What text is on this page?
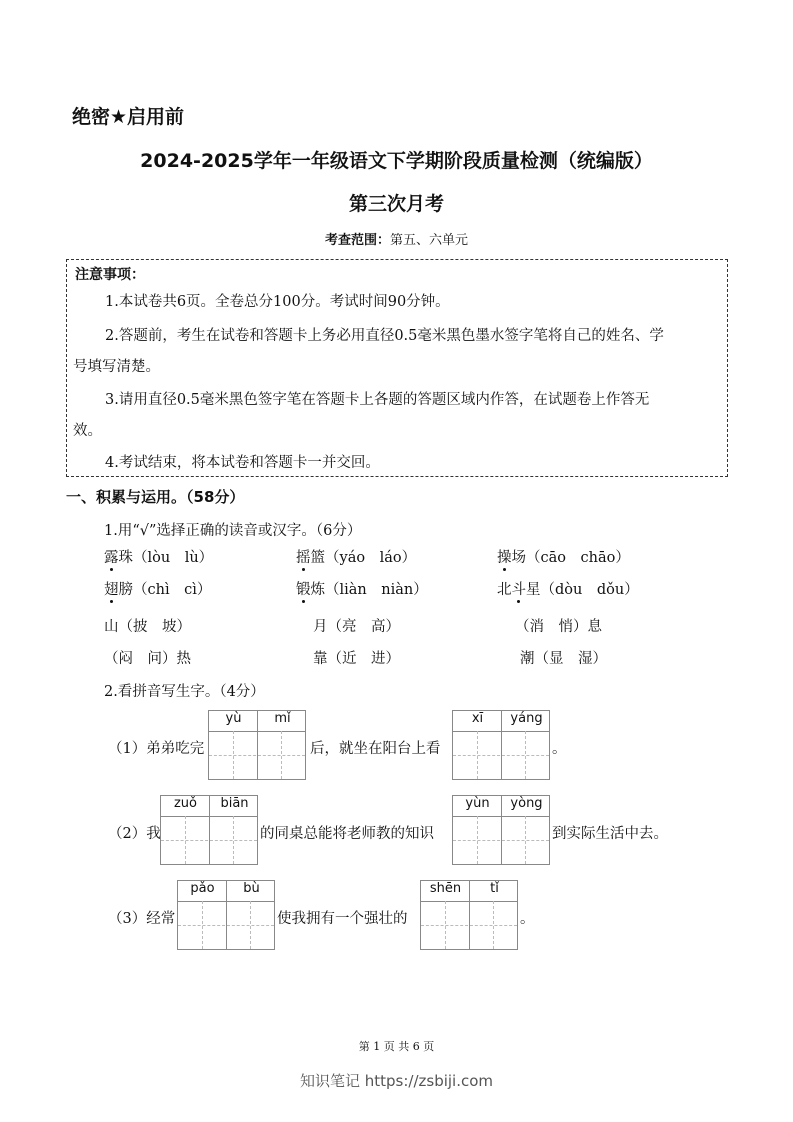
绝密★启用前
2024-2025学年一年级语文下学期阶段质量检测（统编版）
第三次月考
考查范围：第五、六单元
注意事项：
1.本试卷共6页。全卷总分100分。考试时间90分钟。
2.答题前，考生在试卷和答题卡上务必用直径0.5毫米黑色墨水签字笔将自己的姓名、学
号填写清楚。
3.请用直径0.5毫米黑色签字笔在答题卡上各题的答题区域内作答，在试题卷上作答无
效。
4.考试结束，将本试卷和答题卡一并交回。
一、积累与运用。（58分）
1.用“√”选择正确的读音或汉字。（6分）
露珠（lòu　lù）	摇篮（yáo　láo）	操场（cāo　chāo）
翅膀（chì　cì）	锻炼（liàn　niàn）	北斗星（dòu　dǒu）
山（披　坡）	月（亮　高）	（消　悄）息
（闷　问）热	靠（近　进）	潮（显　湿）
2.看拼音写生字。（4分）
（1）弟弟吃完
yù	mǐ
后，就坐在阳台上看
xī	yáng
。
（2）我
zuǒ	biān
的同桌总能将老师教的知识
yùn	yòng
到实际生活中去。
（3）经常
pǎo	bù
使我拥有一个强壮的
shēn	tǐ
。
第 1 页 共 6 页
知识笔记 https://zsbiji.com
